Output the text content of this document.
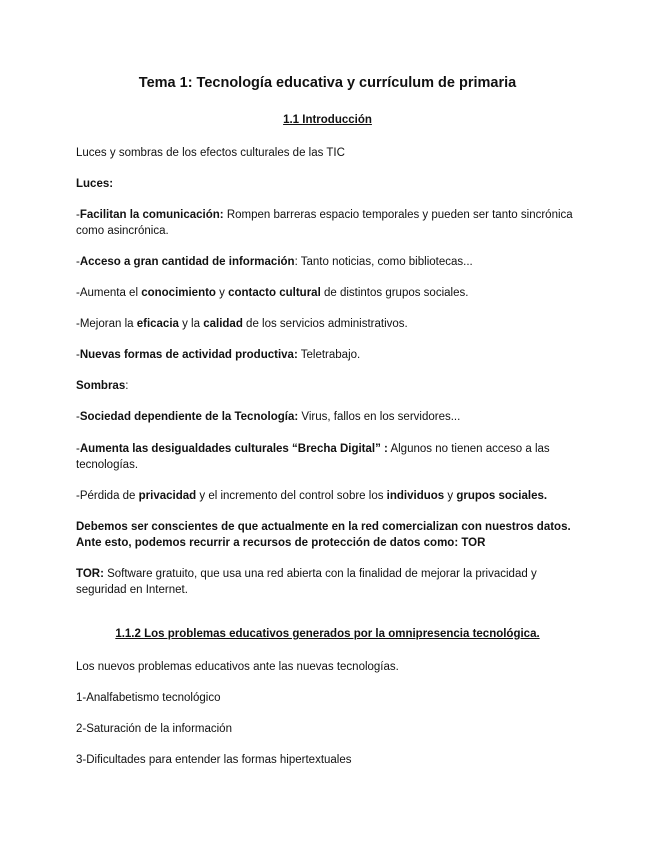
Tema 1: Tecnología educativa y currículum de primaria
1.1 Introducción

Luces y sombras de los efectos culturales de las TIC

Luces:

-Facilitan la comunicación: Rompen barreras espacio temporales y pueden ser tanto sincrónica como asincrónica.

-Acceso a gran cantidad de información: Tanto noticias, como bibliotecas...

-Aumenta el conocimiento y contacto cultural de distintos grupos sociales.

-Mejoran la eficacia y la calidad de los servicios administrativos.

-Nuevas formas de actividad productiva: Teletrabajo.

Sombras:

-Sociedad dependiente de la Tecnología: Virus, fallos en los servidores...

-Aumenta las desigualdades culturales “Brecha Digital” : Algunos no tienen acceso a las tecnologías.

-Pérdida de privacidad y el incremento del control sobre los individuos y grupos sociales.

Debemos ser conscientes de que actualmente en la red comercializan con nuestros datos. Ante esto, podemos recurrir a recursos de protección de datos como: TOR

TOR: Software gratuito, que usa una red abierta con la finalidad de mejorar la privacidad y seguridad en Internet.

1.1.2 Los problemas educativos generados por la omnipresencia tecnológica.

Los nuevos problemas educativos ante las nuevas tecnologías.

1-Analfabetismo tecnológico

2-Saturación de la información

3-Dificultades para entender las formas hipertextuales
